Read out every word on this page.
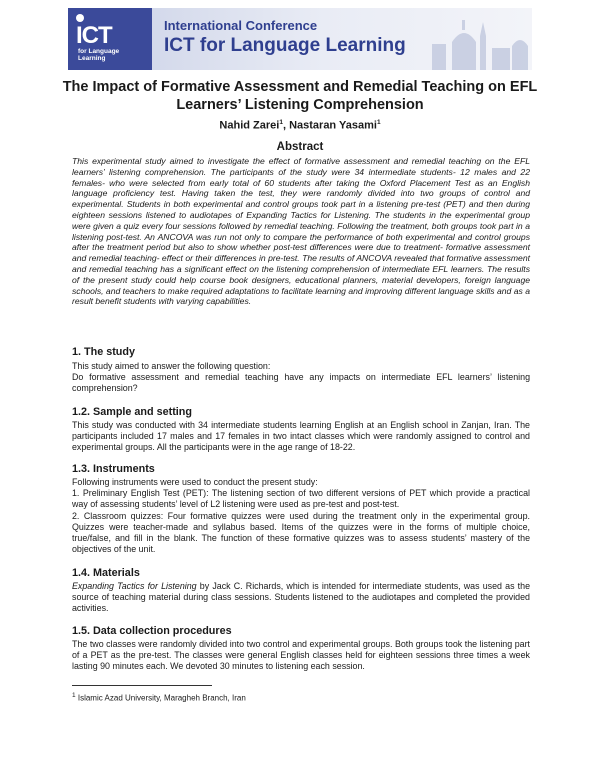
ICT
for Language
Learning
International Conference
ICT for Language Learning
The Impact of Formative Assessment and Remedial Teaching on EFL Learners’ Listening Comprehension
Nahid Zarei$^1$, Nastaran Yasami$^1$
Abstract

This experimental study aimed to investigate the effect of formative assessment and remedial teaching on the EFL learners’ listening comprehension. The participants of the study were 34 intermediate students- 12 males and 22 females- who were selected from early total of 60 students after taking the Oxford Placement Test as an English language proficiency test. Having taken the test, they were randomly divided into two groups of control and experimental. Students in both experimental and control groups took part in a listening pre-test (PET) and then during eighteen sessions listened to audiotapes of Expanding Tactics for Listening. The students in the experimental group were given a quiz every four sessions followed by remedial teaching. Following the treatment, both groups took part in a listening post-test. An ANCOVA was run not only to compare the performance of both experimental and control groups after the treatment period but also to show whether post-test differences were due to treatment- formative assessment and remedial teaching- effect or their differences in pre-test. The results of ANCOVA revealed that formative assessment and remedial teaching has a significant effect on the listening comprehension of intermediate EFL learners. The results of the present study could help course book designers, educational planners, material developers, foreign language schools, and teachers to make required adaptations to facilitate learning and improving different language skills and as a result benefit students with varying capabilities.

1. The study

This study aimed to answer the following question:
Do formative assessment and remedial teaching have any impacts on intermediate EFL learners’ listening comprehension?

1.2. Sample and setting

This study was conducted with 34 intermediate students learning English at an English school in Zanjan, Iran. The participants included 17 males and 17 females in two intact classes which were randomly assigned to control and experimental groups. All the participants were in the age range of 18-22.

1.3. Instruments

Following instruments were used to conduct the present study:
1. Preliminary English Test (PET): The listening section of two different versions of PET which provide a practical way of assessing students’ level of L2 listening were used as pre-test and post-test.
2. Classroom quizzes: Four formative quizzes were used during the treatment only in the experimental group. Quizzes were teacher-made and syllabus based. Items of the quizzes were in the forms of multiple choice, true/false, and fill in the blank. The function of these formative quizzes was to assess students’ mastery of the objectives of the unit.

1.4. Materials

Expanding Tactics for Listening by Jack C. Richards, which is intended for intermediate students, was used as the source of teaching material during class sessions. Students listened to the audiotapes and completed the provided activities.

1.5. Data collection procedures

The two classes were randomly divided into two control and experimental groups. Both groups took the listening part of a PET as the pre-test. The classes were general English classes held for eighteen sessions three times a week lasting 90 minutes each. We devoted 30 minutes to listening each session.

$^1$ Islamic Azad University, Maragheh Branch, Iran
